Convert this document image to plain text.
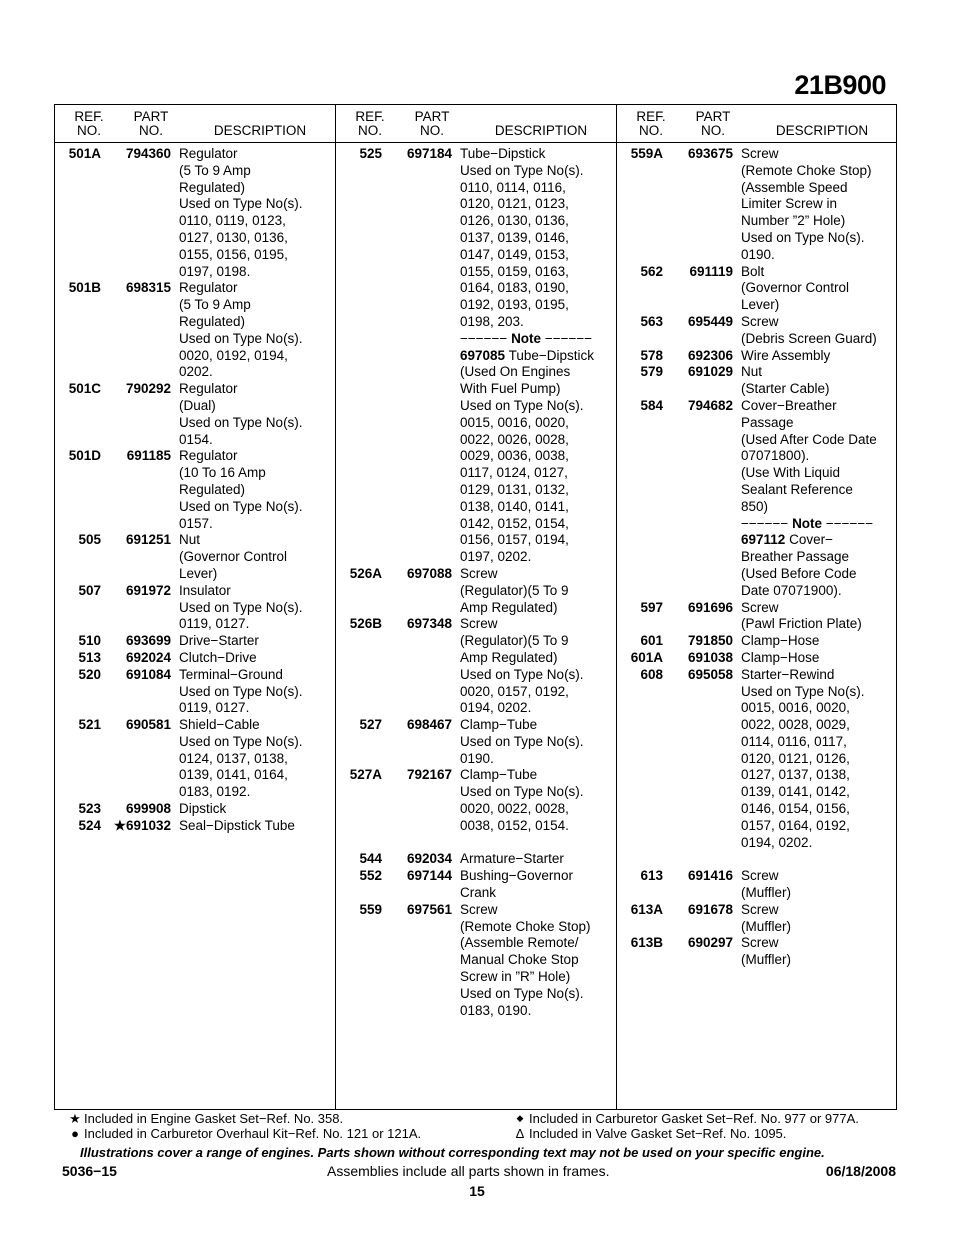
21B900
REF.
NO.
PART
NO.	DESCRIPTION
501A	794360 Regulator
(5 To 9 Amp
Regulated)
Used on Type No(s).
0110, 0119, 0123,
0127, 0130, 0136,
0155, 0156, 0195,
0197, 0198.
501B	698315 Regulator
(5 To 9 Amp
Regulated)
Used on Type No(s).
0020, 0192, 0194,
0202.
501C	790292 Regulator
(Dual)
Used on Type No(s).
0154.
501D	691185 Regulator
(10 To 16 Amp
Regulated)
Used on Type No(s).
0157.
505	691251 Nut
(Governor Control
Lever)
507	691972 Insulator
Used on Type No(s).
0119, 0127.
510	693699 Drive−Starter
513	692024 Clutch−Drive
520	691084 Terminal−Ground
Used on Type No(s).
0119, 0127.
521	690581 Shield−Cable
Used on Type No(s).
0124, 0137, 0138,
0139, 0141, 0164,
0183, 0192.
523	699908 Dipstick
524 ★691032 Seal−Dipstick Tube
REF.
NO.
PART
NO.	DESCRIPTION
525	697184 Tube−Dipstick
Used on Type No(s).
0110, 0114, 0116,
0120, 0121, 0123,
0126, 0130, 0136,
0137, 0139, 0146,
0147, 0149, 0153,
0155, 0159, 0163,
0164, 0183, 0190,
0192, 0193, 0195,
0198, 203.
−−−−−− Note −−−−−−
697085 Tube−Dipstick
(Used On Engines
With Fuel Pump)
Used on Type No(s).
0015, 0016, 0020,
0022, 0026, 0028,
0029, 0036, 0038,
0117, 0124, 0127,
0129, 0131, 0132,
0138, 0140, 0141,
0142, 0152, 0154,
0156, 0157, 0194,
0197, 0202.
526A	697088 Screw
(Regulator)(5 To 9
Amp Regulated)
526B	697348 Screw
(Regulator)(5 To 9
Amp Regulated)
Used on Type No(s).
0020, 0157, 0192,
0194, 0202.
527	698467 Clamp−Tube
Used on Type No(s).
0190.
527A	792167 Clamp−Tube
Used on Type No(s).
0020, 0022, 0028,
0038, 0152, 0154.

544	692034 Armature−Starter
552	697144 Bushing−Governor
Crank
559	697561 Screw
(Remote Choke Stop)
(Assemble Remote/
Manual Choke Stop
Screw in ”R” Hole)
Used on Type No(s).
0183, 0190.
REF.
NO.
PART
NO.	DESCRIPTION
559A	693675 Screw
(Remote Choke Stop)
(Assemble Speed
Limiter Screw in
Number ”2” Hole)
Used on Type No(s).
0190.
562	691119 Bolt
(Governor Control
Lever)
563	695449 Screw
(Debris Screen Guard)
578	692306 Wire Assembly
579	691029 Nut
(Starter Cable)
584	794682 Cover−Breather
Passage
(Used After Code Date
07071800).
(Use With Liquid
Sealant Reference
850)
−−−−−− Note −−−−−−
697112 Cover−
Breather Passage
(Used Before Code
Date 07071900).
597	691696 Screw
(Pawl Friction Plate)
601	791850 Clamp−Hose
601A	691038 Clamp−Hose
608	695058 Starter−Rewind
Used on Type No(s).
0015, 0016, 0020,
0022, 0028, 0029,
0114, 0116, 0117,
0120, 0121, 0126,
0127, 0137, 0138,
0139, 0141, 0142,
0146, 0154, 0156,
0157, 0164, 0192,
0194, 0202.

613	691416 Screw
(Muffler)
613A	691678 Screw
(Muffler)
613B	690297 Screw
(Muffler)
★ Included in Engine Gasket Set−Ref. No. 358.
● Included in Carburetor Overhaul Kit−Ref. No. 121 or 121A.
◆ Included in Carburetor Gasket Set−Ref. No. 977 or 977A.
∆ Included in Valve Gasket Set−Ref. No. 1095.
Illustrations cover a range of engines. Parts shown without corresponding text may not be used on your specific engine.
5036−15	Assemblies include all parts shown in frames.	06/18/2008
15
